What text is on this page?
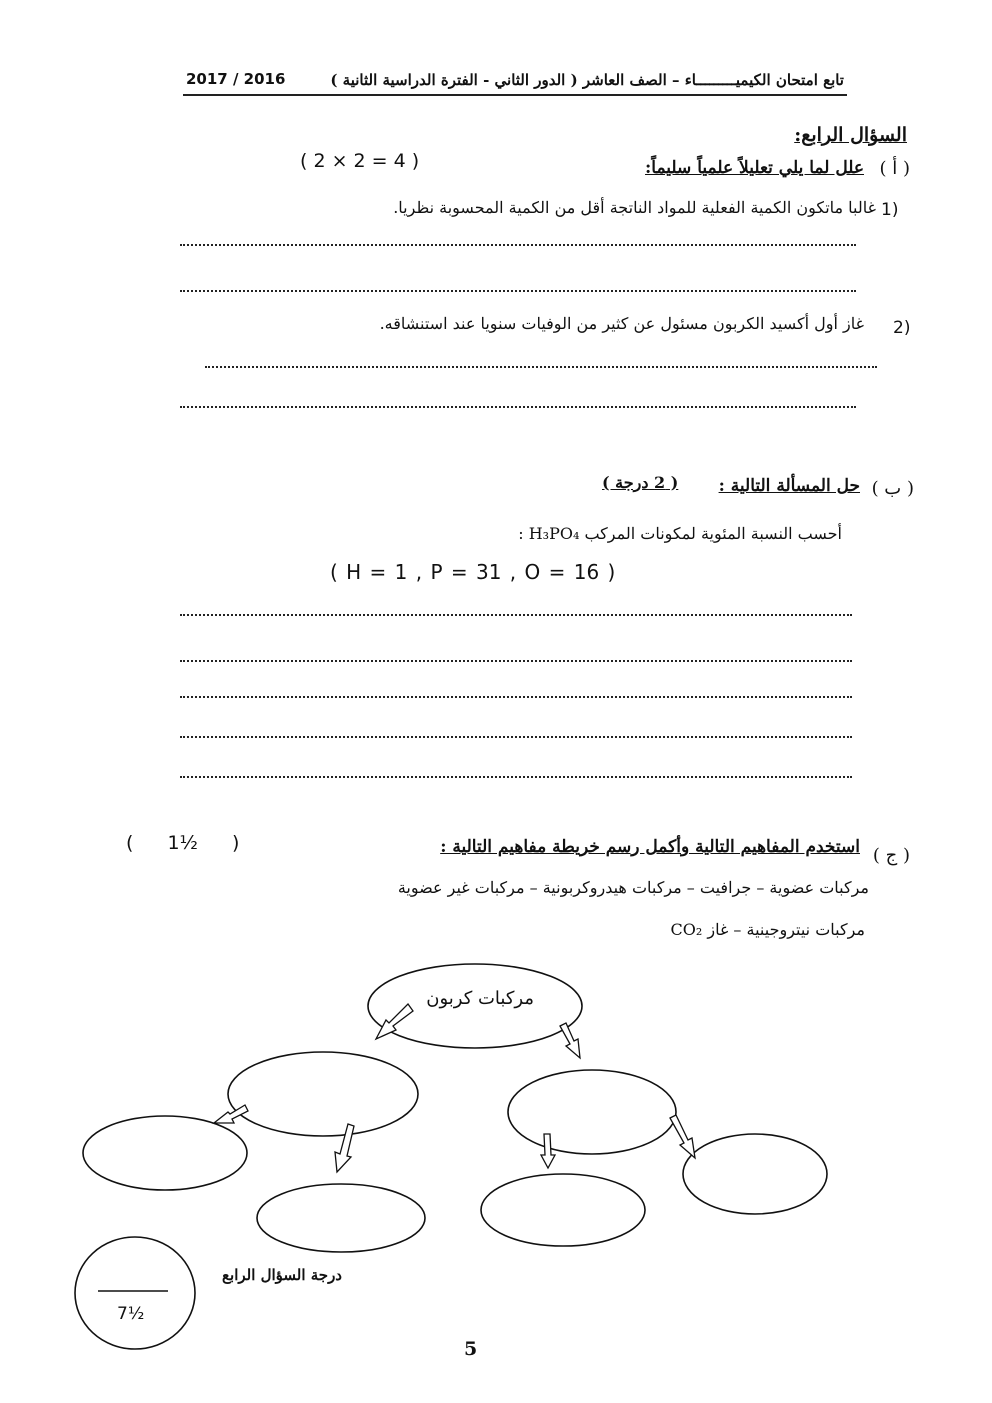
تابع امتحان الكيميـــــــــاء – الصف العاشر ( الدور الثاني - الفترة الدراسية الثانية )
2017 / 2016
السؤال الرابع:
( أ )
علل لما يلي تعليلاً علمياً سليماً:
( 2 × 2 = 4 )
1)
غالبا ماتكون الكمية الفعلية للمواد الناتجة أقل من الكمية المحسوبة نظريا.
2)
غاز أول أكسيد الكربون مسئول عن كثير من الوفيات سنويا عند استنشاقه.
( ب )
حل المسألة التالية :
( 2 درجة )
أحسب النسبة المئوية لمكونات المركب H₃PO₄ :
( H = 1 , P = 31 , O = 16 )
( ج )
استخدم المفاهيم التالية وأكمل رسم خريطة مفاهيم التالية :
( 1½ )
مركبات عضوية – جرافيت – مركبات هيدروكربونية – مركبات غير عضوية
مركبات نيتروجينية – غاز CO₂
مركبات كربون
7½
درجة السؤال الرابع
5
